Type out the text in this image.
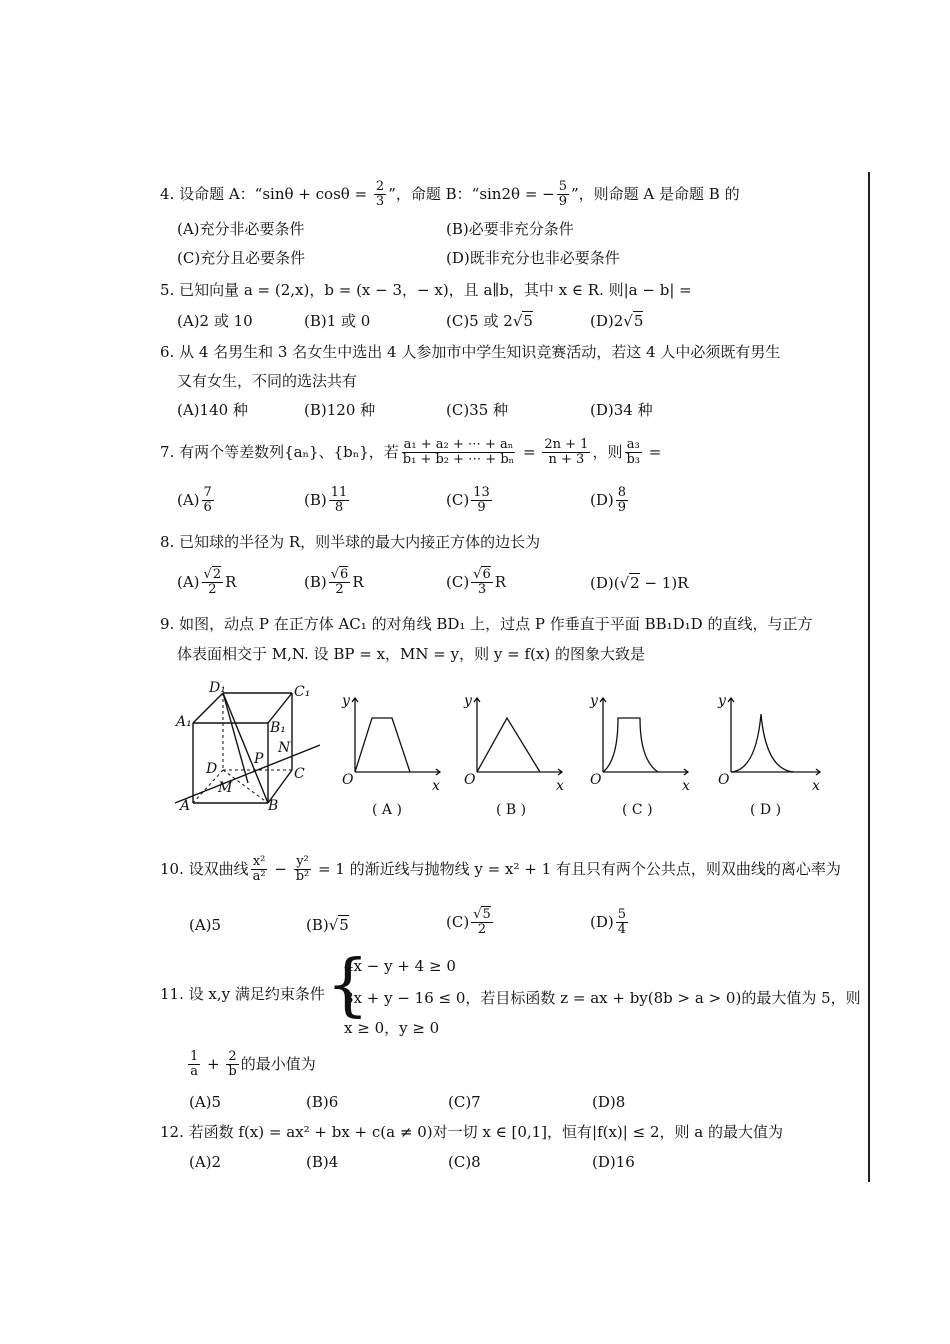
4. 设命题 A：“$\sin\theta + \cos\theta = \frac{2}{3}$ ”，命题 B：“sin2θ = − $\frac{5}{9}$ ”，则命题 A 是命题 B 的
(A)充分非必要条件	(B)必要非充分条件
(C)充分且必要条件	(D)既非充分也非必要条件
5. 已知向量 a = (2,x)，b = (x − 3，− x)，且 a∥b，其中 x ∈ R. 则|a − b| =
(A)2 或 10	(B)1 或 0	(C)5 或 2√5	(D)2√5
6. 从 4 名男生和 3 名女生中选出 4 人参加市中学生知识竞赛活动，若这 4 人中必须既有男生
又有女生，不同的选法共有
(A)140 种	(B)120 种	(C)35 种	(D)34 种
7. 有两个等差数列{aₙ}、{bₙ}，若 $\frac{\text{a₁ + a₂ + ⋯ + aₙ}}{\text{b₁ + b₂ + ⋯ + bₙ}} = \frac{2n + 1}{n + 3}$ ，则 $\frac{\text{a₃}}{\text{b₃}}$ =
$(A) \frac{7}{6}$	$(B) \frac{11}{8}$	$(C) \frac{13}{9}$	$(D) \frac{8}{9}$
8. 已知球的半径为 R，则半球的最大内接正方体的边长为
$(A) \frac{√2}{2}$ R	$(B) \frac{√6}{2}$ R	$(C) \frac{√6}{3}$ R	(D)(√2 − 1)R
9. 如图，动点 P 在正方体 AC₁ 的对角线 BD₁ 上，过点 P 作垂直于平面 BB₁D₁D 的直线，与正方
体表面相交于 M,N. 设 BP = x，MN = y，则 y = f(x) 的图象大致是
D₁	C₁
A₁	B₁
N
P
D	C
M
A	B
y
x
O
( A )
y
x
O
( B )
y
x
O
( C )
y
x
O
( D )
10. 设双曲线 $\frac{\text{x²}}{\text{a²}} - \frac{\text{y²}}{\text{b²}} = 1$ 的渐近线与抛物线 y = x² + 1 有且只有两个公共点，则双曲线的离心率为
(A)5	(B)√5	$(C) \frac{√5}{2}$	$(D) \frac{5}{4}$
{
4x − y + 4 ≥ 0
11. 设 x,y 满足约束条件 8x + y − 16 ≤ 0，若目标函数 z = ax + by(8b > a > 0)的最大值为 5，则
x ≥ 0，y ≥ 0
$\frac{1}{a} + \frac{2}{b}$ 的最小值为
(A)5	(B)6	(C)7	(D)8
12. 若函数 f(x) = ax² + bx + c(a ≠ 0)对一切 x ∈ [0,1]，恒有|f(x)| ≤ 2，则 a 的最大值为
(A)2	(B)4	(C)8	(D)16
